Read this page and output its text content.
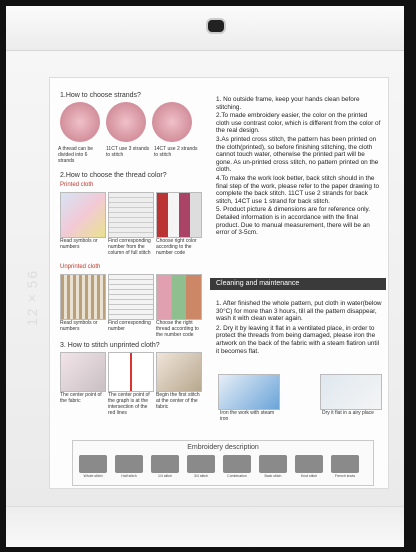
12×56
1.How to choose strands?
A thread can be divided into 6 strands
11CT use 3 strands to stitch
14CT use 2 strands to stitch
2.How to choose the thread color?
Printed cloth
Read symbols or numbers
Find corresponding number from the column of full stitch
Choose right color according to the number code
Unprinted cloth
Read symbols or numbers
Find corresponding number
Choose the right thread according to the number code
3. How to stitch unprinted cloth?
The center point of the fabric
The center point of the graph is at the intersection of the red lines
Begin the first stitch at the center of the fabric

1. No outside frame, keep your hands clean before stitching.

2.To made embroidery easier, the color on the printed cloth use contrast color, which is different from the color of the real design.

3.As printed cross stitch, the pattern has been printed on the cloth(printed), so before finishing stitching, the cloth cannot touch water, otherwise the printed part will be gone. As un-printed cross stitch, no pattern printed on the cloth.

4.To make the work look better, back stitch should in the final step of the work, please refer to the paper drawing to complete the back stitch. 11CT use 2 strands for back stitch, 14CT use 1 strand for back stitch.

5. Product picture & dimensions are for reference only. Detailed information is in accordance with the final product. Due to manual measurement, there will be an error of 3-5cm.

Cleaning and maintenance

1. After finished the whole pattern, put cloth in water(below 30°C) for more than 3 hours, till all the pattern disappear, wash it with clean water again.

2. Dry it by leaving it flat in a ventilated place, in order to protect the threads from being damaged, please iron the artwork on the back of the fabric with a steam flatiron until it becomes flat.

Iron the work with steam iron
Dry it flat in a airy place
Embroidery description
Whole stitch	Half stitch	1/4 stitch	3/4 stitch	Combination	Back stitch	Knot stitch	French knots
